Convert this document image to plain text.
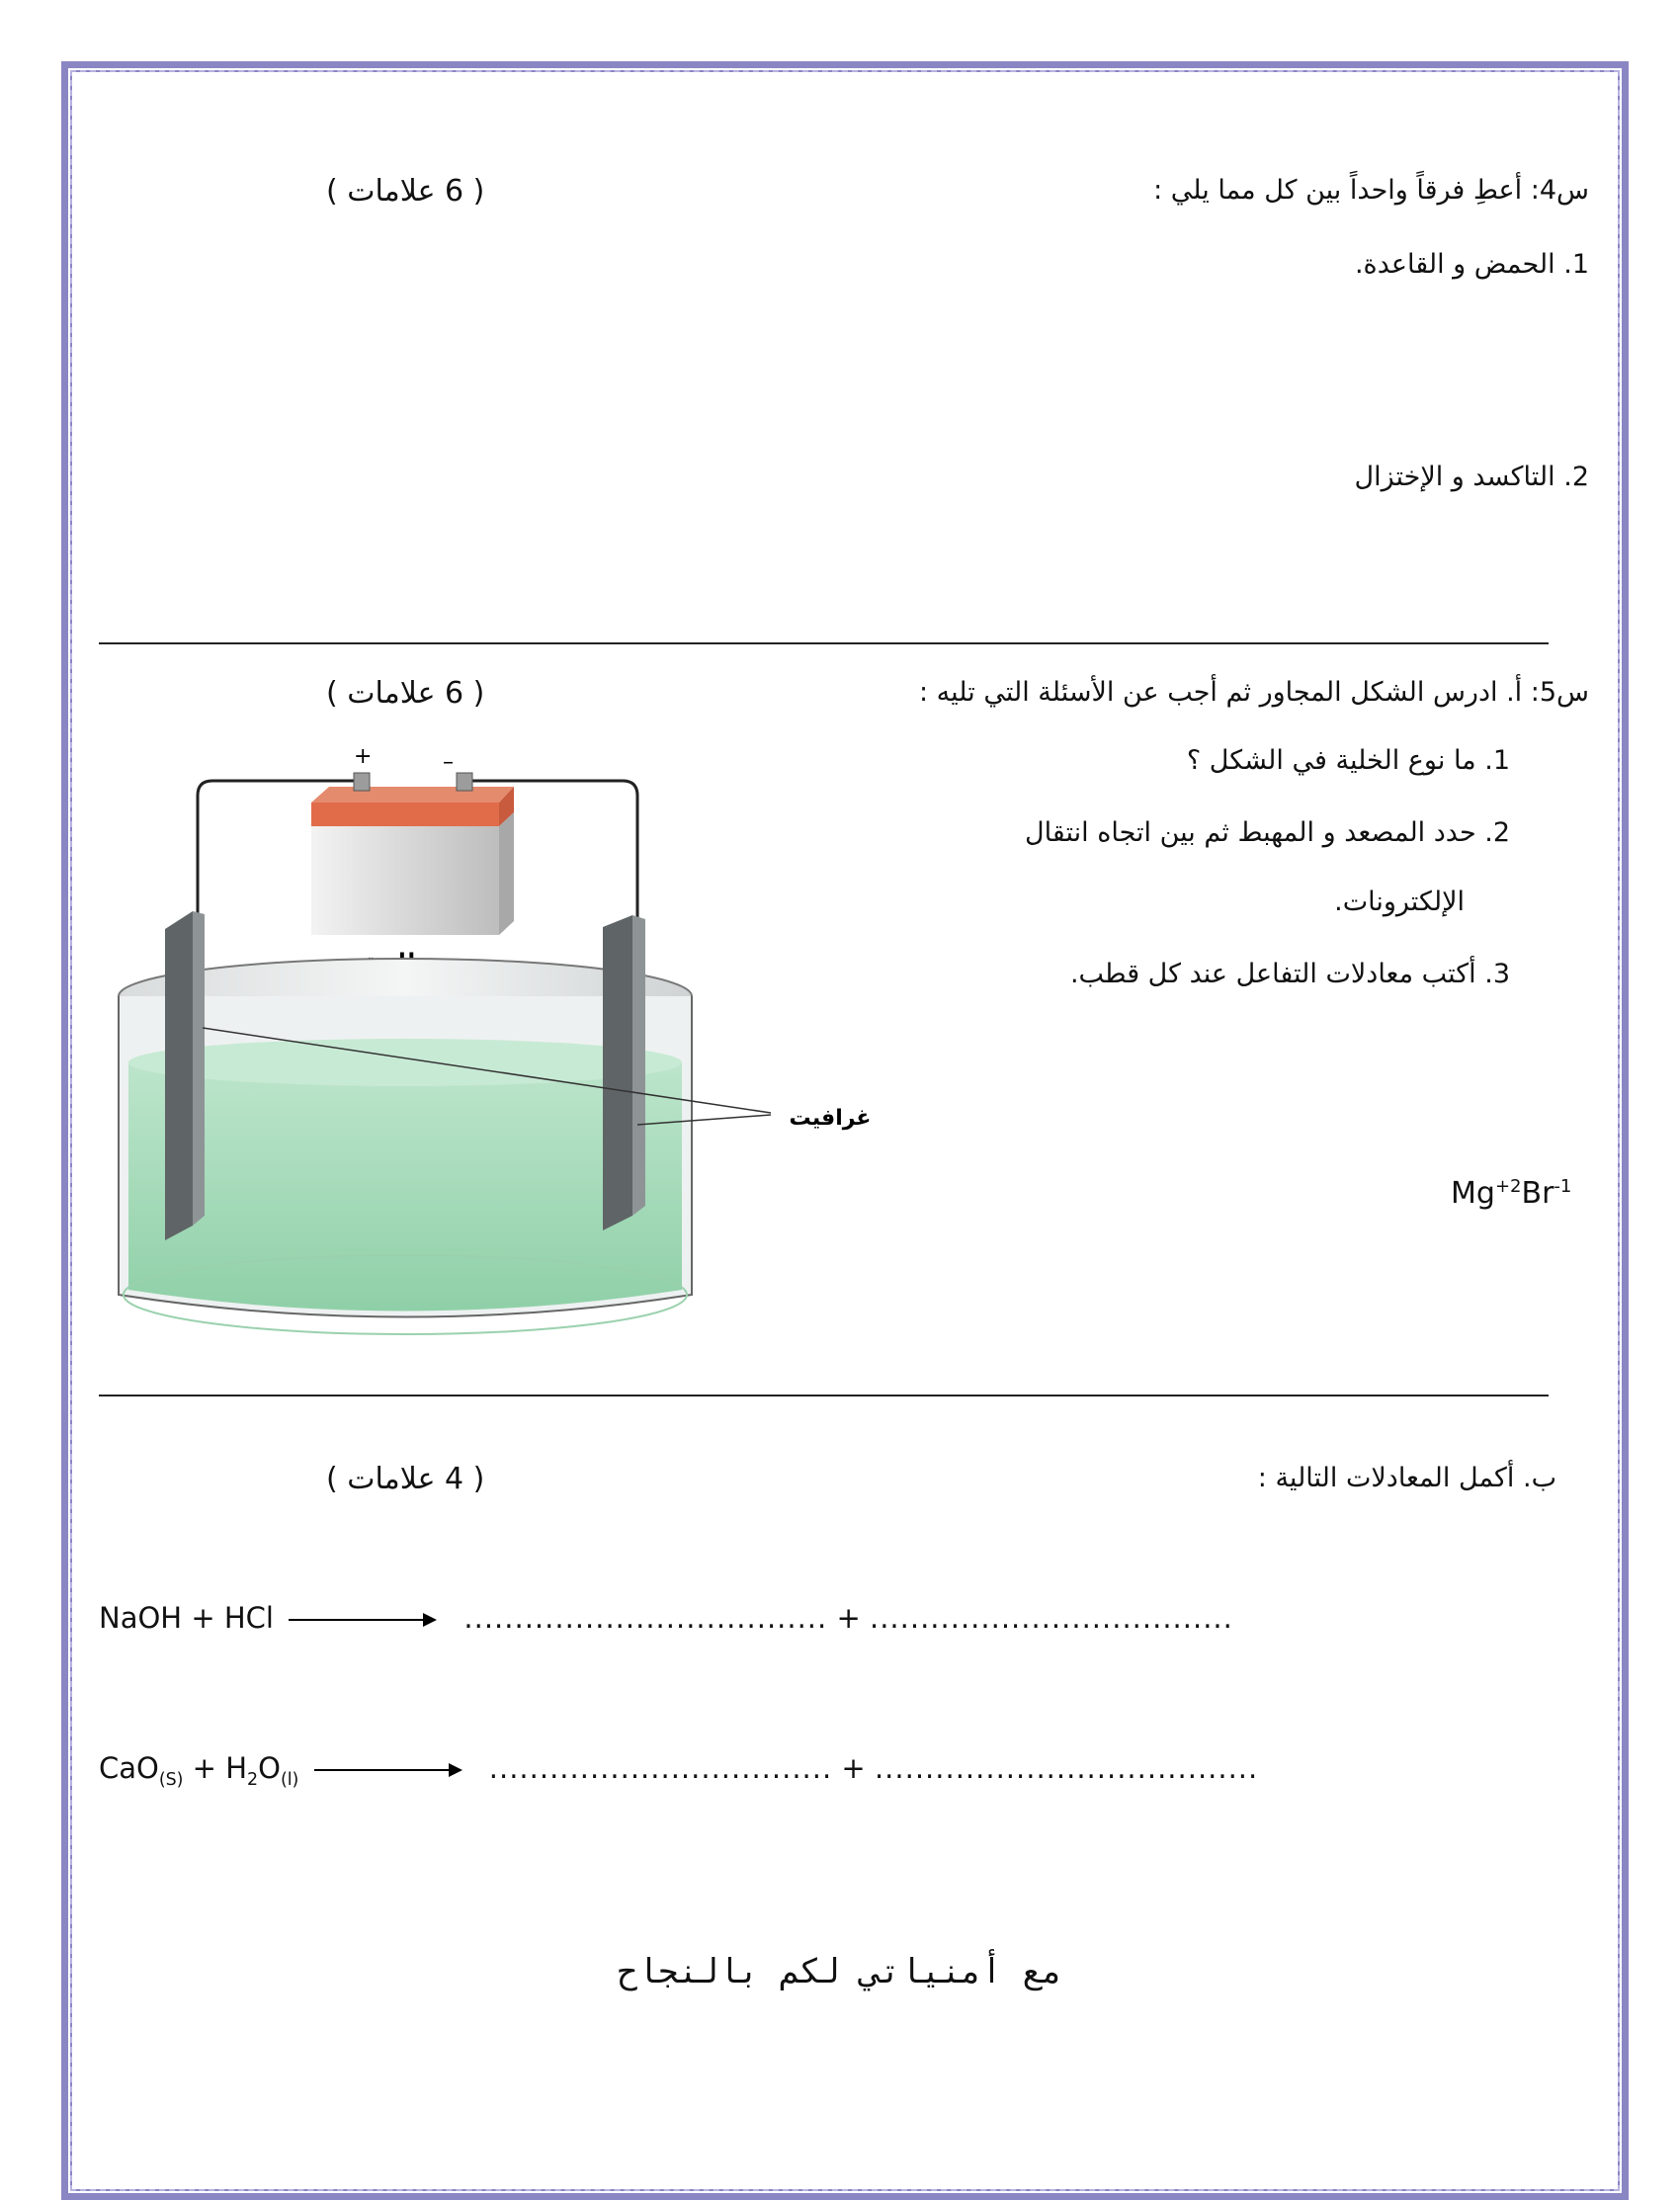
س4: أعطِ فرقاً واحداً بين كل مما يلي :
( 6 علامات )
1. الحمض و القاعدة.
2. التاكسد و الإختزال
س5: أ. ادرس الشكل المجاور ثم أجب عن الأسئلة التي تليه :
( 6 علامات )
1. ما نوع الخلية في الشكل ؟
2. حدد المصعد و المهبط ثم بين اتجاه انتقال
الإلكترونات.
3. أكتب معادلات التفاعل عند كل قطب.
$Mg^{+2}Br^{-1}$
+	–
غرافيت
ب. أكمل المعادلات التالية :
( 4 علامات )
NaOH + HCl	.................................... + ....................................
$CaO_{(S)} + H_2O_{(l)}$	.................................. + ......................................
مع أمنياتي لكم بالنجاح
